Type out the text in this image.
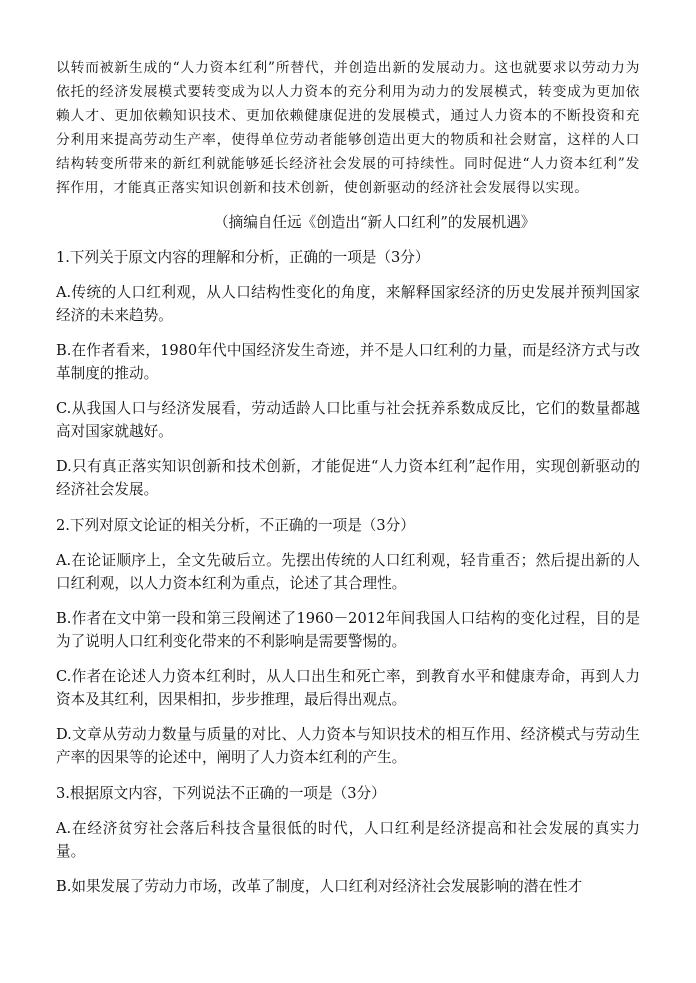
以转而被新生成的“人力资本红利”所替代，并创造出新的发展动力。这也就要求以劳动力为依托的经济发展模式要转变成为以人力资本的充分利用为动力的发展模式，转变成为更加依赖人才、更加依赖知识技术、更加依赖健康促进的发展模式，通过人力资本的不断投资和充分利用来提高劳动生产率，使得单位劳动者能够创造出更大的物质和社会财富，这样的人口结构转变所带来的新红利就能够延长经济社会发展的可持续性。同时促进“人力资本红利”发挥作用，才能真正落实知识创新和技术创新，使创新驱动的经济社会发展得以实现。

（摘编自任远《创造出“新人口红利”的发展机遇》

1.下列关于原文内容的理解和分析，正确的一项是（3分）

A.传统的人口红利观，从人口结构性变化的角度，来解释国家经济的历史发展并预判国家经济的未来趋势。

B.在作者看来，1980年代中国经济发生奇迹，并不是人口红利的力量，而是经济方式与改革制度的推动。

C.从我国人口与经济发展看，劳动适龄人口比重与社会抚养系数成反比，它们的数量都越高对国家就越好。

D.只有真正落实知识创新和技术创新，才能促进“人力资本红利”起作用，实现创新驱动的经济社会发展。

2.下列对原文论证的相关分析，不正确的一项是（3分）

A.在论证顺序上，全文先破后立。先摆出传统的人口红利观，轻肯重否；然后提出新的人口红利观，以人力资本红利为重点，论述了其合理性。

B.作者在文中第一段和第三段阐述了1960－2012年间我国人口结构的变化过程，目的是为了说明人口红利变化带来的不利影响是需要警惕的。

C.作者在论述人力资本红利时，从人口出生和死亡率，到教育水平和健康寿命，再到人力资本及其红利，因果相扣，步步推理，最后得出观点。

D.文章从劳动力数量与质量的对比、人力资本与知识技术的相互作用、经济模式与劳动生产率的因果等的论述中，阐明了人力资本红利的产生。

3.根据原文内容，下列说法不正确的一项是（3分）

A.在经济贫穷社会落后科技含量很低的时代，人口红利是经济提高和社会发展的真实力量。

B.如果发展了劳动力市场，改革了制度，人口红利对经济社会发展影响的潜在性才
